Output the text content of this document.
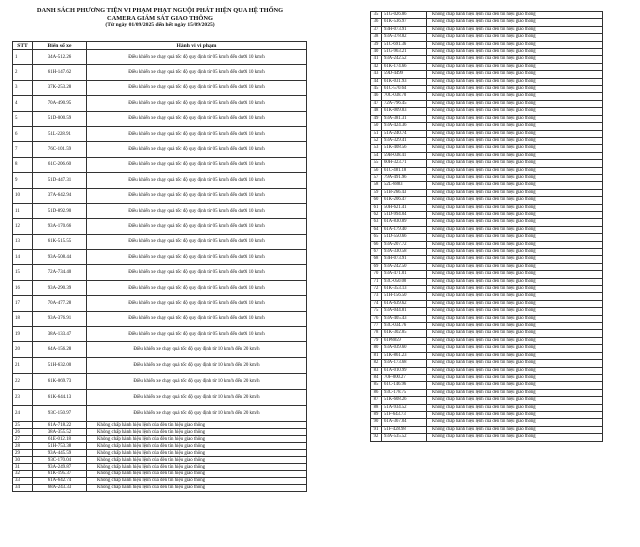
DANH SÁCH PHƯƠNG TIỆN VI PHẠM PHẠT NGUỘI PHÁT HIỆN QUA HỆ THỐNG
CAMERA GIÁM SÁT GIAO THÔNG
(Từ ngày 01/09/2025 đến hết ngày 15/09/2025)
STT	Biển số xe	Hành vi vi phạm
1	34A-512.26	Điều khiển xe chạy quá tốc độ quy định từ 05 km/h đến dưới 10 km/h
2	61H-147.62	Điều khiển xe chạy quá tốc độ quy định từ 05 km/h đến dưới 10 km/h
3	37K-253.28	Điều khiển xe chạy quá tốc độ quy định từ 05 km/h đến dưới 10 km/h
4	70A-490.95	Điều khiển xe chạy quá tốc độ quy định từ 05 km/h đến dưới 10 km/h
5	51D-000.59	Điều khiển xe chạy quá tốc độ quy định từ 05 km/h đến dưới 10 km/h
6	51L-228.91	Điều khiển xe chạy quá tốc độ quy định từ 05 km/h đến dưới 10 km/h
7	76C-101.59	Điều khiển xe chạy quá tốc độ quy định từ 05 km/h đến dưới 10 km/h
8	61C-206.60	Điều khiển xe chạy quá tốc độ quy định từ 05 km/h đến dưới 10 km/h
9	51D-447.31	Điều khiển xe chạy quá tốc độ quy định từ 05 km/h đến dưới 10 km/h
10	37A-642.94	Điều khiển xe chạy quá tốc độ quy định từ 05 km/h đến dưới 10 km/h
11	51D-892.90	Điều khiển xe chạy quá tốc độ quy định từ 05 km/h đến dưới 10 km/h
12	93A-170.66	Điều khiển xe chạy quá tốc độ quy định từ 05 km/h đến dưới 10 km/h
13	61K-515.55	Điều khiển xe chạy quá tốc độ quy định từ 05 km/h đến dưới 10 km/h
14	93A-508.44	Điều khiển xe chạy quá tốc độ quy định từ 05 km/h đến dưới 10 km/h
15	72A-734.40	Điều khiển xe chạy quá tốc độ quy định từ 05 km/h đến dưới 10 km/h
16	93A-290.39	Điều khiển xe chạy quá tốc độ quy định từ 05 km/h đến dưới 10 km/h
17	70A-477.28	Điều khiển xe chạy quá tốc độ quy định từ 05 km/h đến dưới 10 km/h
18	93A-376.91	Điều khiển xe chạy quá tốc độ quy định từ 05 km/h đến dưới 10 km/h
19	38A-133.47	Điều khiển xe chạy quá tốc độ quy định từ 05 km/h đến dưới 10 km/h
20	64A-156.28	Điều khiển xe chạy quá tốc độ quy định từ 10 km/h đến 20 km/h
21	51H-632.00	Điều khiển xe chạy quá tốc độ quy định từ 10 km/h đến 20 km/h
22	61K-069.73	Điều khiển xe chạy quá tốc độ quy định từ 10 km/h đến 20 km/h
23	61K-644.13	Điều khiển xe chạy quá tốc độ quy định từ 10 km/h đến 20 km/h
24	93C-150.97	Điều khiển xe chạy quá tốc độ quy định từ 10 km/h đến 20 km/h
25	61A-718.22	Không chấp hành hiệu lệnh của đèn tín hiệu giao thông
26	38A-355.52	Không chấp hành hiệu lệnh của đèn tín hiệu giao thông
27	61E-012.18	Không chấp hành hiệu lệnh của đèn tín hiệu giao thông
28	51H-753.38	Không chấp hành hiệu lệnh của đèn tín hiệu giao thông
29	93A-445.59	Không chấp hành hiệu lệnh của đèn tín hiệu giao thông
30	93C-170.04	Không chấp hành hiệu lệnh của đèn tín hiệu giao thông
31	93A-249.87	Không chấp hành hiệu lệnh của đèn tín hiệu giao thông
32	61K-195.37	Không chấp hành hiệu lệnh của đèn tín hiệu giao thông
33	61A-642.74	Không chấp hành hiệu lệnh của đèn tín hiệu giao thông
34	68A-243.33	Không chấp hành hiệu lệnh của đèn tín hiệu giao thông
35	51G-026.86	Không chấp hành hiệu lệnh của đèn tín hiệu giao thông
36	61K-536.97	Không chấp hành hiệu lệnh của đèn tín hiệu giao thông
37	93H-073.91	Không chấp hành hiệu lệnh của đèn tín hiệu giao thông
38	93A-378.82	Không chấp hành hiệu lệnh của đèn tín hiệu giao thông
39	51C-691.36	Không chấp hành hiệu lệnh của đèn tín hiệu giao thông
40	51G-963.21	Không chấp hành hiệu lệnh của đèn tín hiệu giao thông
41	93A-242.52	Không chấp hành hiệu lệnh của đèn tín hiệu giao thông
42	61K-174.66	Không chấp hành hiệu lệnh của đèn tín hiệu giao thông
43	59D-4499	Không chấp hành hiệu lệnh của đèn tín hiệu giao thông
44	61K-031.93	Không chấp hành hiệu lệnh của đèn tín hiệu giao thông
45	61C-570.64	Không chấp hành hiệu lệnh của đèn tín hiệu giao thông
46	70C-038.70	Không chấp hành hiệu lệnh của đèn tín hiệu giao thông
47	72A-796.45	Không chấp hành hiệu lệnh của đèn tín hiệu giao thông
48	61K-009.83	Không chấp hành hiệu lệnh của đèn tín hiệu giao thông
49	93A-381.31	Không chấp hành hiệu lệnh của đèn tín hiệu giao thông
50	93A-424.36	Không chấp hành hiệu lệnh của đèn tín hiệu giao thông
51	51A-240.74	Không chấp hành hiệu lệnh của đèn tín hiệu giao thông
52	93A-329.41	Không chấp hành hiệu lệnh của đèn tín hiệu giao thông
53	51K-408.56	Không chấp hành hiệu lệnh của đèn tín hiệu giao thông
54	59B-038.41	Không chấp hành hiệu lệnh của đèn tín hiệu giao thông
55	60H-323.71	Không chấp hành hiệu lệnh của đèn tín hiệu giao thông
56	61C-481.18	Không chấp hành hiệu lệnh của đèn tín hiệu giao thông
57	79A-491.96	Không chấp hành hiệu lệnh của đèn tín hiệu giao thông
58	52L-8883	Không chấp hành hiệu lệnh của đèn tín hiệu giao thông
59	51B-266.43	Không chấp hành hiệu lệnh của đèn tín hiệu giao thông
60	61K-206.47	Không chấp hành hiệu lệnh của đèn tín hiệu giao thông
61	50H-621.41	Không chấp hành hiệu lệnh của đèn tín hiệu giao thông
62	51D-994.04	Không chấp hành hiệu lệnh của đèn tín hiệu giao thông
63	61A-830.89	Không chấp hành hiệu lệnh của đèn tín hiệu giao thông
64	61A-179.40	Không chấp hành hiệu lệnh của đèn tín hiệu giao thông
65	51D-550.66	Không chấp hành hiệu lệnh của đèn tín hiệu giao thông
66	93A-207.72	Không chấp hành hiệu lệnh của đèn tín hiệu giao thông
67	93A-330.58	Không chấp hành hiệu lệnh của đèn tín hiệu giao thông
68	93H-073.91	Không chấp hành hiệu lệnh của đèn tín hiệu giao thông
69	93A-242.50	Không chấp hành hiệu lệnh của đèn tín hiệu giao thông
70	93A-471.01	Không chấp hành hiệu lệnh của đèn tín hiệu giao thông
71	93C-050.00	Không chấp hành hiệu lệnh của đèn tín hiệu giao thông
72	61K-353.13	Không chấp hành hiệu lệnh của đèn tín hiệu giao thông
73	51H-156.50	Không chấp hành hiệu lệnh của đèn tín hiệu giao thông
74	61A-639.62	Không chấp hành hiệu lệnh của đèn tín hiệu giao thông
75	93A-044.81	Không chấp hành hiệu lệnh của đèn tín hiệu giao thông
76	93A-405.43	Không chấp hành hiệu lệnh của đèn tín hiệu giao thông
77	93C-034.76	Không chấp hành hiệu lệnh của đèn tín hiệu giao thông
78	61K-302.85	Không chấp hành hiệu lệnh của đèn tín hiệu giao thông
79	61P8859	Không chấp hành hiệu lệnh của đèn tín hiệu giao thông
80	93A-039.60	Không chấp hành hiệu lệnh của đèn tín hiệu giao thông
81	51K-861.23	Không chấp hành hiệu lệnh của đèn tín hiệu giao thông
82	93A-173.68	Không chấp hành hiệu lệnh của đèn tín hiệu giao thông
83	61A-010.99	Không chấp hành hiệu lệnh của đèn tín hiệu giao thông
84	70F-000.27	Không chấp hành hiệu lệnh của đèn tín hiệu giao thông
85	61C-146.96	Không chấp hành hiệu lệnh của đèn tín hiệu giao thông
86	93C-178.75	Không chấp hành hiệu lệnh của đèn tín hiệu giao thông
87	51K-608.26	Không chấp hành hiệu lệnh của đèn tín hiệu giao thông
88	51A-934.52	Không chấp hành hiệu lệnh của đèn tín hiệu giao thông
89	51F-643.73	Không chấp hành hiệu lệnh của đèn tín hiệu giao thông
90	61A-367.04	Không chấp hành hiệu lệnh của đèn tín hiệu giao thông
91	51F-428.98	Không chấp hành hiệu lệnh của đèn tín hiệu giao thông
92	93A-535.52	Không chấp hành hiệu lệnh của đèn tín hiệu giao thông
